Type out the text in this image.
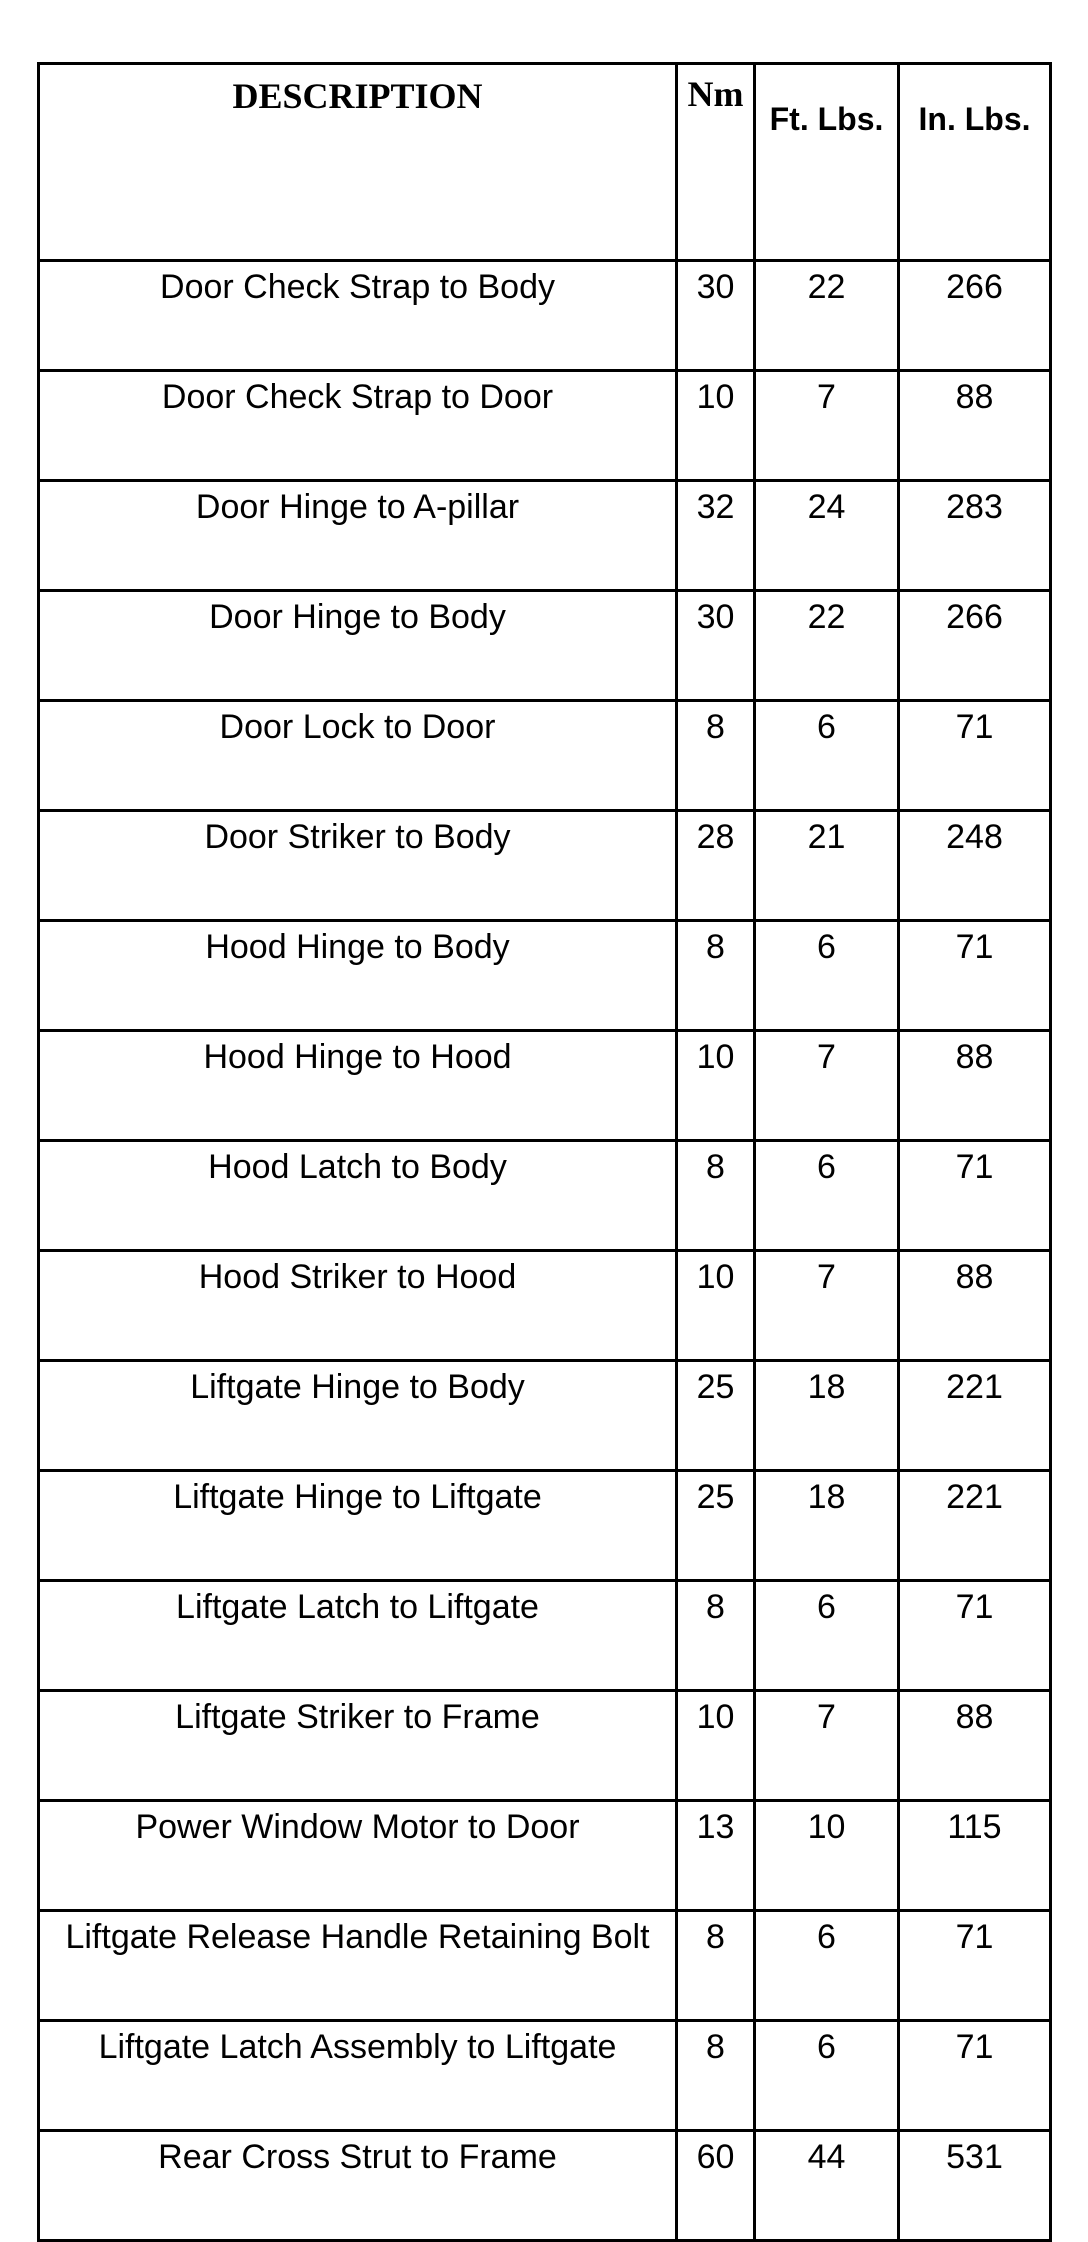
DESCRIPTION	Nm	Ft. Lbs.	In. Lbs.
Door Check Strap to Body	30	22	266
Door Check Strap to Door	10	7	88
Door Hinge to A-pillar	32	24	283
Door Hinge to Body	30	22	266
Door Lock to Door	8	6	71
Door Striker to Body	28	21	248
Hood Hinge to Body	8	6	71
Hood Hinge to Hood	10	7	88
Hood Latch to Body	8	6	71
Hood Striker to Hood	10	7	88
Liftgate Hinge to Body	25	18	221
Liftgate Hinge to Liftgate	25	18	221
Liftgate Latch to Liftgate	8	6	71
Liftgate Striker to Frame	10	7	88
Power Window Motor to Door	13	10	115
Liftgate Release Handle Retaining Bolt	8	6	71
Liftgate Latch Assembly to Liftgate	8	6	71
Rear Cross Strut to Frame	60	44	531
